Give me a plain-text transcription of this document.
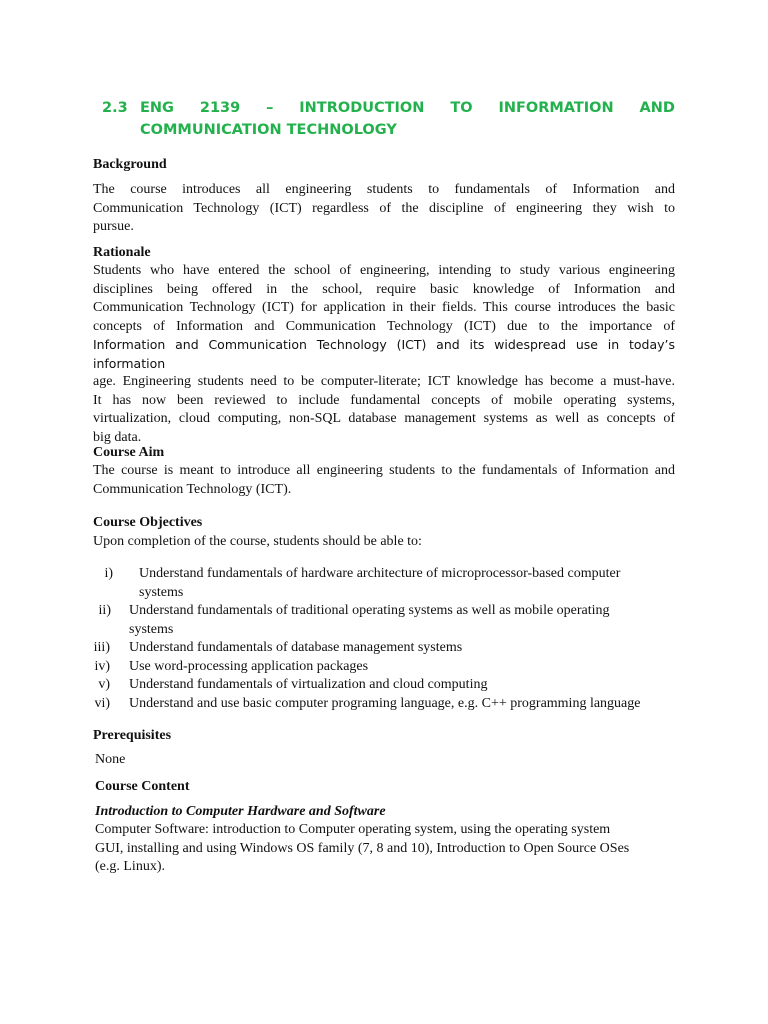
2.3 ENG 2139 – INTRODUCTION TO INFORMATION AND
COMMUNICATION TECHNOLOGY
Background
The course introduces all engineering students to fundamentals of Information and
Communication Technology (ICT) regardless of the discipline of engineering they wish to
pursue.
Rationale
Students who have entered the school of engineering, intending to study various engineering
disciplines being offered in the school, require basic knowledge of Information and
Communication Technology (ICT) for application in their fields. This course introduces the basic
concepts of Information and Communication Technology (ICT) due to the importance of
Information and Communication Technology (ICT) and its widespread use in today’s information
age. Engineering students need to be computer-literate; ICT knowledge has become a must-have.
It has now been reviewed to include fundamental concepts of mobile operating systems,
virtualization, cloud computing, non-SQL database management systems as well as concepts of
big data.
Course Aim
The course is meant to introduce all engineering students to the fundamentals of Information and
Communication Technology (ICT).
Course Objectives
Upon completion of the course, students should be able to:
i)	Understand fundamentals of hardware architecture of microprocessor-based computer
systems
ii)	Understand fundamentals of traditional operating systems as well as mobile operating
systems
iii)	Understand fundamentals of database management systems
iv)	Use word-processing application packages
v)	Understand fundamentals of virtualization and cloud computing
vi)	Understand and use basic computer programing language, e.g. C++ programming language
Prerequisites
None
Course Content
Introduction to Computer Hardware and Software
Computer Software: introduction to Computer operating system, using the operating system
GUI, installing and using Windows OS family (7, 8 and 10), Introduction to Open Source OSes
(e.g. Linux).
